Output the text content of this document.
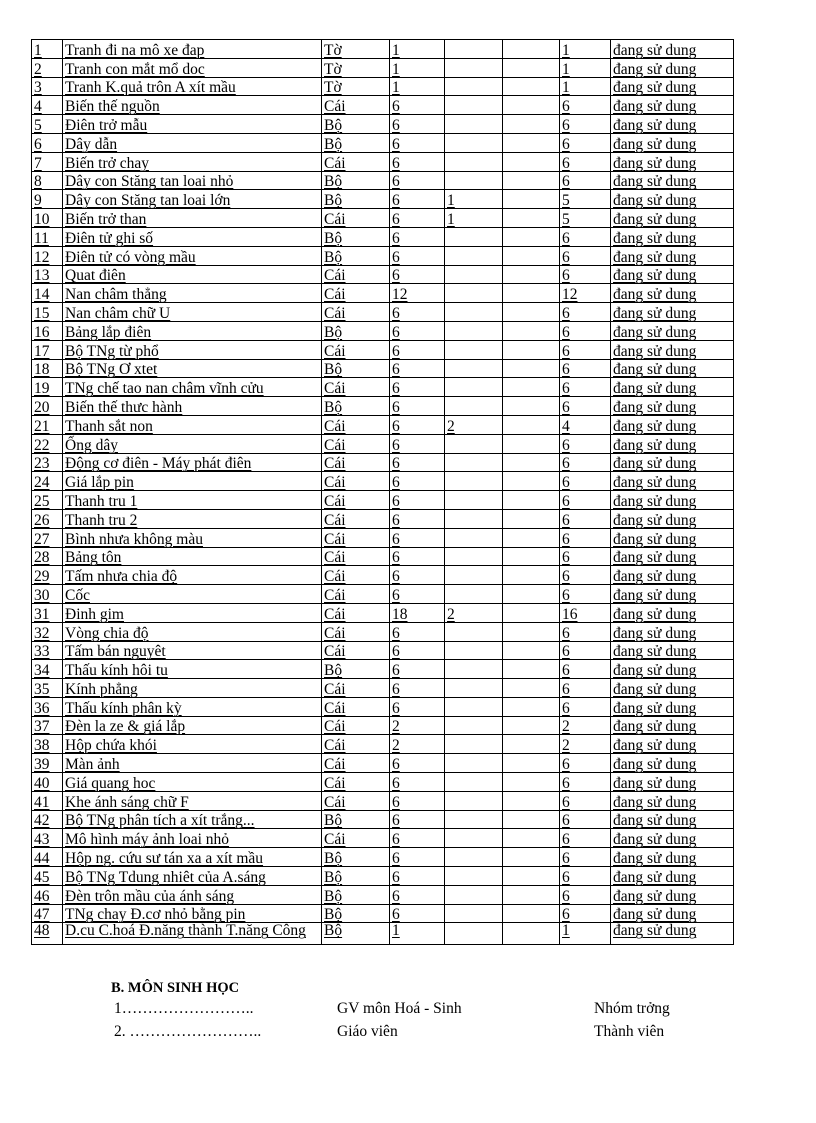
1	Tranh đi na mô xe đap	Tờ	1			1	đang sử dung
2	Tranh con mắt mổ doc	Tờ	1			1	đang sử dung
3	Tranh K.quả trôn A xít mầu	Tờ	1			1	đang sử dung
4	Biến thế nguồn	Cái	6			6	đang sử dung
5	Điên trở mẫu	Bộ	6			6	đang sử dung
6	Dây dẫn	Bộ	6			6	đang sử dung
7	Biến trở chay	Cái	6			6	đang sử dung
8	Dây con Stăng tan loai nhỏ	Bộ	6			6	đang sử dung
9	Dây con Stăng tan loai lớn	Bộ	6	1		5	đang sử dung
10	Biến trở than	Cái	6	1		5	đang sử dung
11	Điên tử ghi số	Bộ	6			6	đang sử dung
12	Điên tử có vòng mầu	Bộ	6			6	đang sử dung
13	Quat điên	Cái	6			6	đang sử dung
14	Nan châm thẳng	Cái	12			12	đang sử dung
15	Nan châm chữ U	Cái	6			6	đang sử dung
16	Bảng lắp điên	Bộ	6			6	đang sử dung
17	Bộ TNg từ phổ	Cái	6			6	đang sử dung
18	Bộ TNg Ơ xtet	Bộ	6			6	đang sử dung
19	TNg chế tao nan châm vĩnh cửu	Cái	6			6	đang sử dung
20	Biến thế thưc hành	Bộ	6			6	đang sử dung
21	Thanh sắt non	Cái	6	2		4	đang sử dung
22	Ống dây	Cái	6			6	đang sử dung
23	Động cơ điên - Máy phát điên	Cái	6			6	đang sử dung
24	Giá lắp pin	Cái	6			6	đang sử dung
25	Thanh tru 1	Cái	6			6	đang sử dung
26	Thanh tru 2	Cái	6			6	đang sử dung
27	Bình nhưa không màu	Cái	6			6	đang sử dung
28	Bảng tôn	Cái	6			6	đang sử dung
29	Tấm nhưa chia độ	Cái	6			6	đang sử dung
30	Cốc	Cái	6			6	đang sử dung
31	Đinh gim	Cái	18	2		16	đang sử dung
32	Vòng chia độ	Cái	6			6	đang sử dung
33	Tấm bán nguyêt	Cái	6			6	đang sử dung
34	Thấu kính hôi tu	Bộ	6			6	đang sử dung
35	Kính phẳng	Cái	6			6	đang sử dung
36	Thấu kính phân kỳ	Cái	6			6	đang sử dung
37	Đèn la ze & giá lắp	Cái	2			2	đang sử dung
38	Hộp chứa khói	Cái	2			2	đang sử dung
39	Màn ảnh	Cái	6			6	đang sử dung
40	Giá quang hoc	Cái	6			6	đang sử dung
41	Khe ánh sáng chữ F	Cái	6			6	đang sử dung
42	Bộ TNg phân tích a xít trắng...	Bộ	6			6	đang sử dung
43	Mô hình máy ảnh loai nhỏ	Cái	6			6	đang sử dung
44	Hộp ng. cứu sư tán xa a xít mầu	Bộ	6			6	đang sử dung
45	Bộ TNg Tdung nhiêt của A.sáng	Bộ	6			6	đang sử dung
46	Đèn trôn mầu của ánh sáng	Bộ	6			6	đang sử dung
47	TNg chay Đ.cơ nhỏ bằng pin	Bộ	6			6	đang sử dung
48	D.cu C.hoá Đ.năng thành T.năng Công	Bộ	1			1	đang sử dung
B. MÔN SINH HỌC
1……………………..	GV môn Hoá - Sinh	Nhóm trởng
2. ……………………..	Giáo viên	Thành viên
